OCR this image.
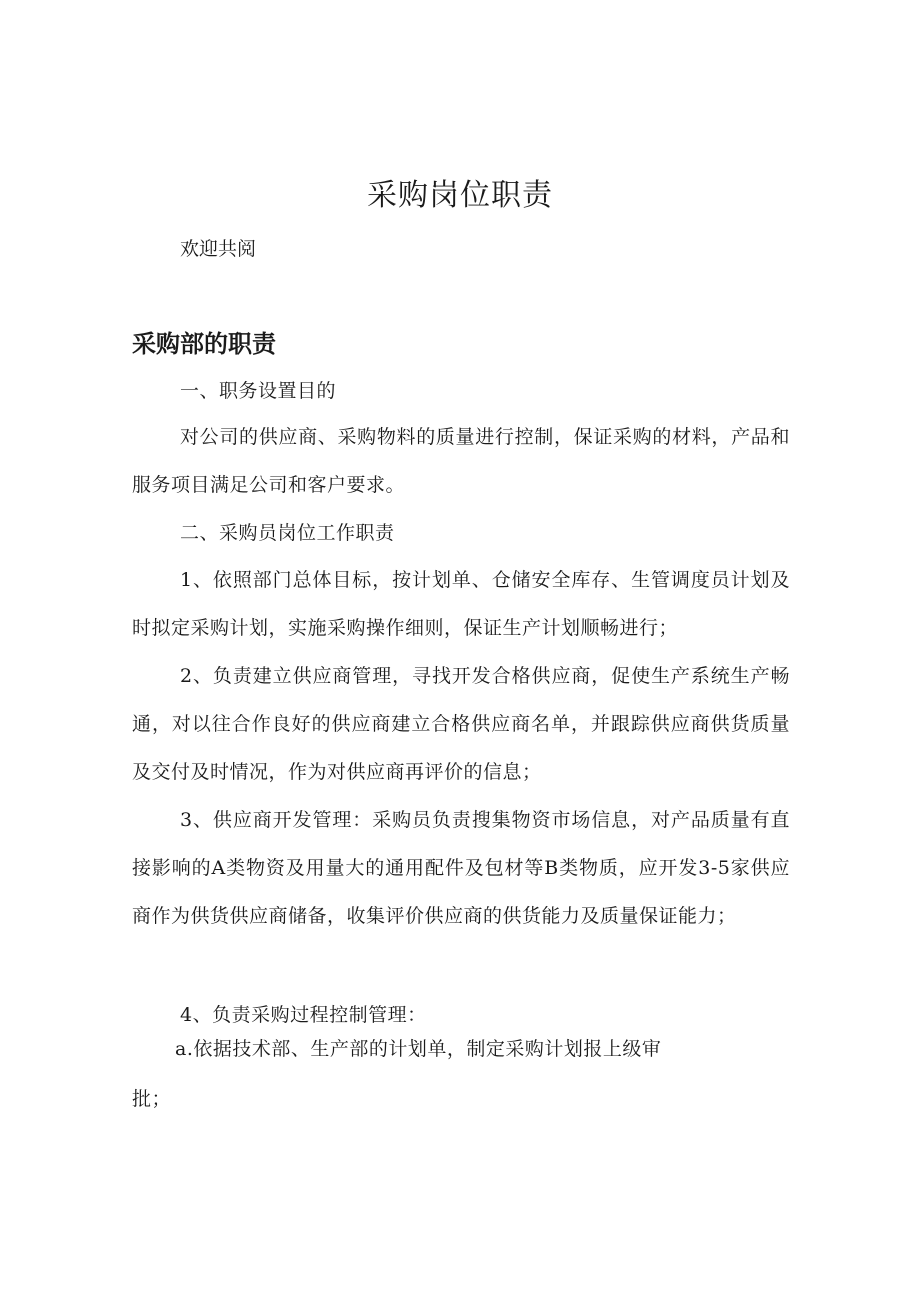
采购岗位职责
欢迎共阅
采购部的职责
一、职务设置目的
对公司的供应商、采购物料的质量进行控制，保证采购的材料，产品和服务项目满足公司和客户要求。
二、采购员岗位工作职责
1、依照部门总体目标，按计划单、仓储安全库存、生管调度员计划及时拟定采购计划，实施采购操作细则，保证生产计划顺畅进行；
2、负责建立供应商管理，寻找开发合格供应商，促使生产系统生产畅通，对以往合作良好的供应商建立合格供应商名单，并跟踪供应商供货质量及交付及时情况，作为对供应商再评价的信息；
3、供应商开发管理：采购员负责搜集物资市场信息，对产品质量有直接影响的A类物资及用量大的通用配件及包材等B类物质，应开发3-5家供应商作为供货供应商储备，收集评价供应商的供货能力及质量保证能力；
4、负责采购过程控制管理：
a.依据技术部、生产部的计划单，制定采购计划报上级审
批；
